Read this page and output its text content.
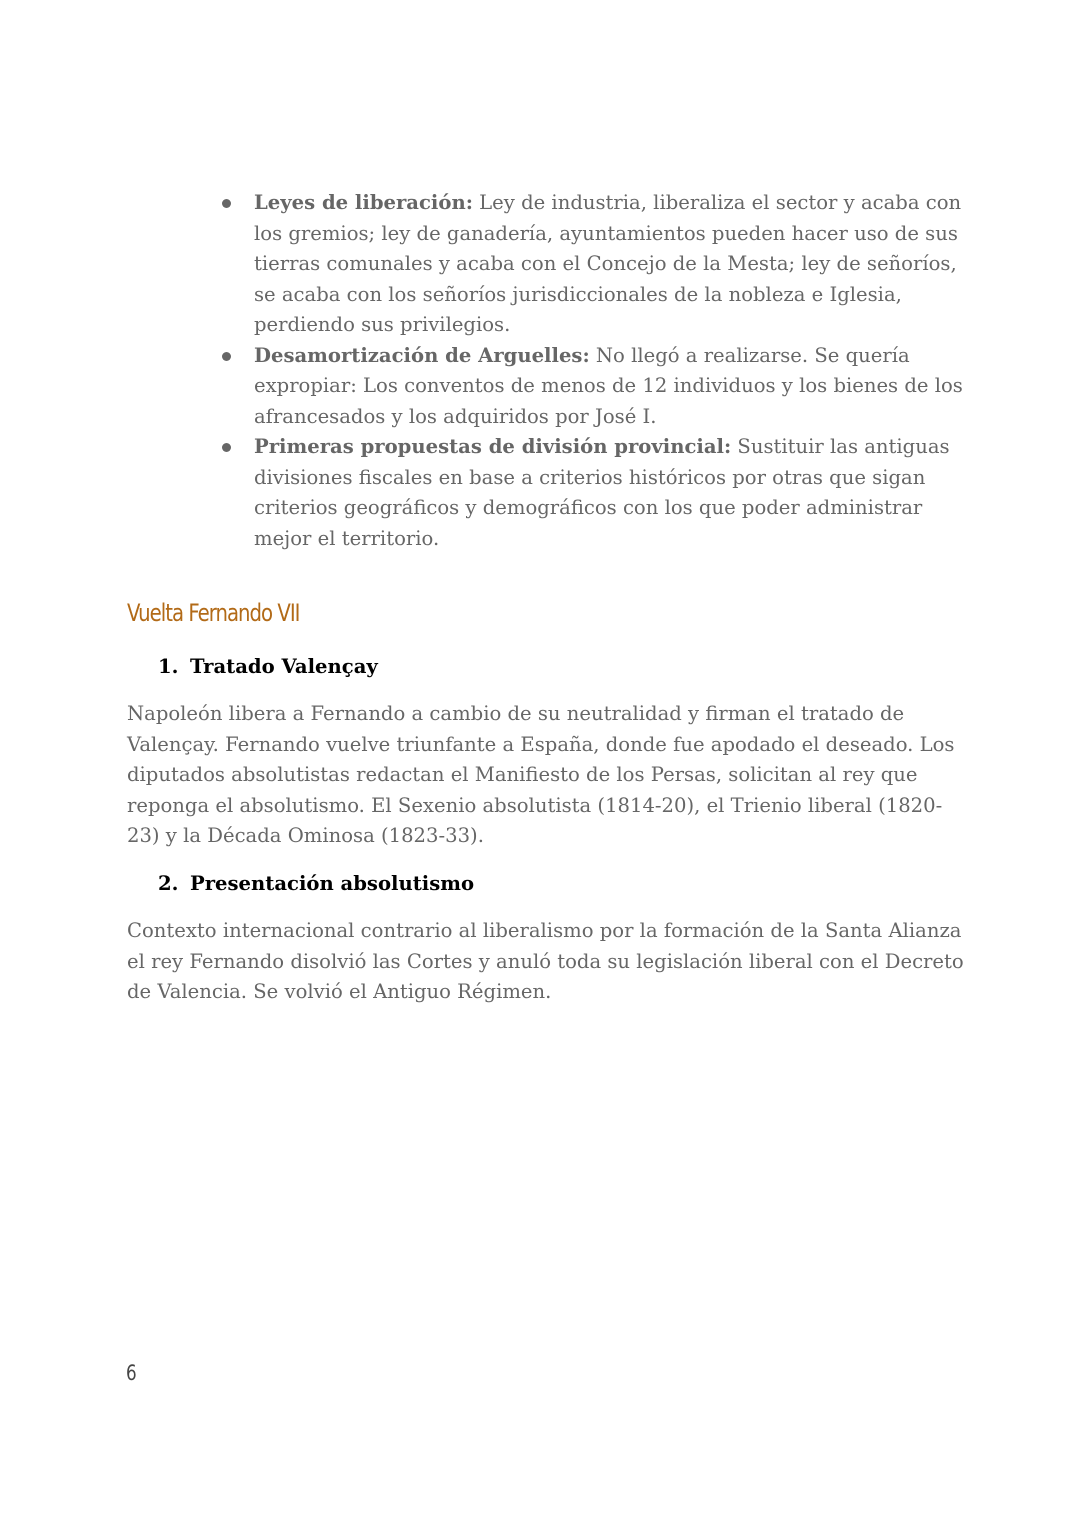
Leyes de liberación: Ley de industria, liberaliza el sector y acaba con los gremios; ley de ganadería, ayuntamientos pueden hacer uso de sus tierras comunales y acaba con el Concejo de la Mesta; ley de señoríos, se acaba con los señoríos jurisdiccionales de la nobleza e Iglesia, perdiendo sus privilegios.
Desamortización de Arguelles: No llegó a realizarse. Se quería expropiar: Los conventos de menos de 12 individuos y los bienes de los afrancesados y los adquiridos por José I.
Primeras propuestas de división provincial: Sustituir las antiguas divisiones fiscales en base a criterios históricos por otras que sigan criterios geográficos y demográficos con los que poder administrar mejor el territorio.
Vuelta Fernando VII
1. Tratado Valençay

Napoleón libera a Fernando a cambio de su neutralidad y firman el tratado de Valençay. Fernando vuelve triunfante a España, donde fue apodado el deseado. Los diputados absolutistas redactan el Manifiesto de los Persas, solicitan al rey que reponga el absolutismo. El Sexenio absolutista (1814-20), el Trienio liberal (1820-23) y la Década Ominosa (1823-33).

2. Presentación absolutismo

Contexto internacional contrario al liberalismo por la formación de la Santa Alianza el rey Fernando disolvió las Cortes y anuló toda su legislación liberal con el Decreto de Valencia. Se volvió el Antiguo Régimen.

6
